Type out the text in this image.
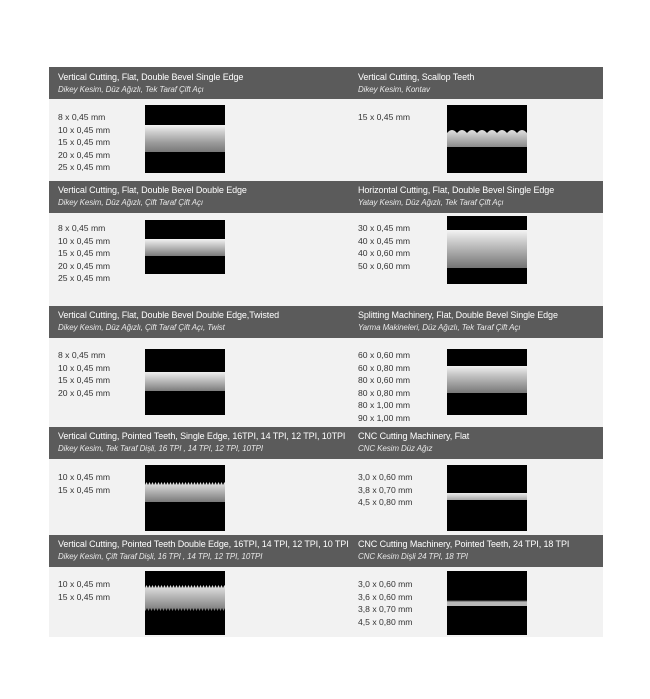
Vertical Cutting, Flat, Double Bevel Single Edge
Dikey Kesim, Düz Ağızlı, Tek Taraf Çift Açı
Vertical Cutting, Scallop Teeth
Dikey Kesim, Kontav
8 x 0,45 mm
10 x 0,45 mm
15 x 0,45 mm
20 x 0,45 mm
25 x 0,45 mm
15 x 0,45 mm
Vertical Cutting, Flat, Double Bevel Double Edge
Dikey Kesim, Düz Ağızlı, Çift Taraf Çift Açı
Horizontal Cutting, Flat, Double Bevel Single Edge
Yatay Kesim, Düz Ağızlı, Tek Taraf Çift Açı
8 x 0,45 mm
10 x 0,45 mm
15 x 0,45 mm
20 x 0,45 mm
25 x 0,45 mm
30 x 0,45 mm
40 x 0,45 mm
40 x 0,60 mm
50 x 0,60 mm
Vertical Cutting, Flat, Double Bevel Double Edge,Twisted
Dikey Kesim, Düz Ağızlı, Çift Taraf Çift Açı, Twist
Splitting Machinery, Flat, Double Bevel Single Edge
Yarma Makineleri, Düz Ağızlı, Tek Taraf Çift Açı
8 x 0,45 mm
10 x 0,45 mm
15 x 0,45 mm
20 x 0,45 mm
60 x 0,60 mm
60 x 0,80 mm
80 x 0,60 mm
80 x 0,80 mm
80 x 1,00 mm
90 x 1,00 mm
Vertical Cutting, Pointed Teeth, Single Edge, 16TPI, 14 TPI, 12 TPI, 10TPI
Dikey Kesim, Tek Taraf Dişli, 16 TPI , 14 TPI, 12 TPI, 10TPI
CNC Cutting Machinery, Flat
CNC Kesim Düz Ağız
10 x 0,45 mm
15 x 0,45 mm
3,0 x 0,60 mm
3,8 x 0,70 mm
4,5 x 0,80 mm
Vertical Cutting, Pointed Teeth Double Edge, 16TPI, 14 TPI, 12 TPI, 10 TPI
Dikey Kesim, Çift Taraf Dişli, 16 TPI , 14 TPI, 12 TPI, 10TPI
CNC Cutting Machinery, Pointed Teeth, 24 TPI, 18 TPI
CNC Kesim Dişli 24 TPI, 18 TPI
10 x 0,45 mm
15 x 0,45 mm
3,0 x 0,60 mm
3,6 x 0,60 mm
3,8 x 0,70 mm
4,5 x 0,80 mm
